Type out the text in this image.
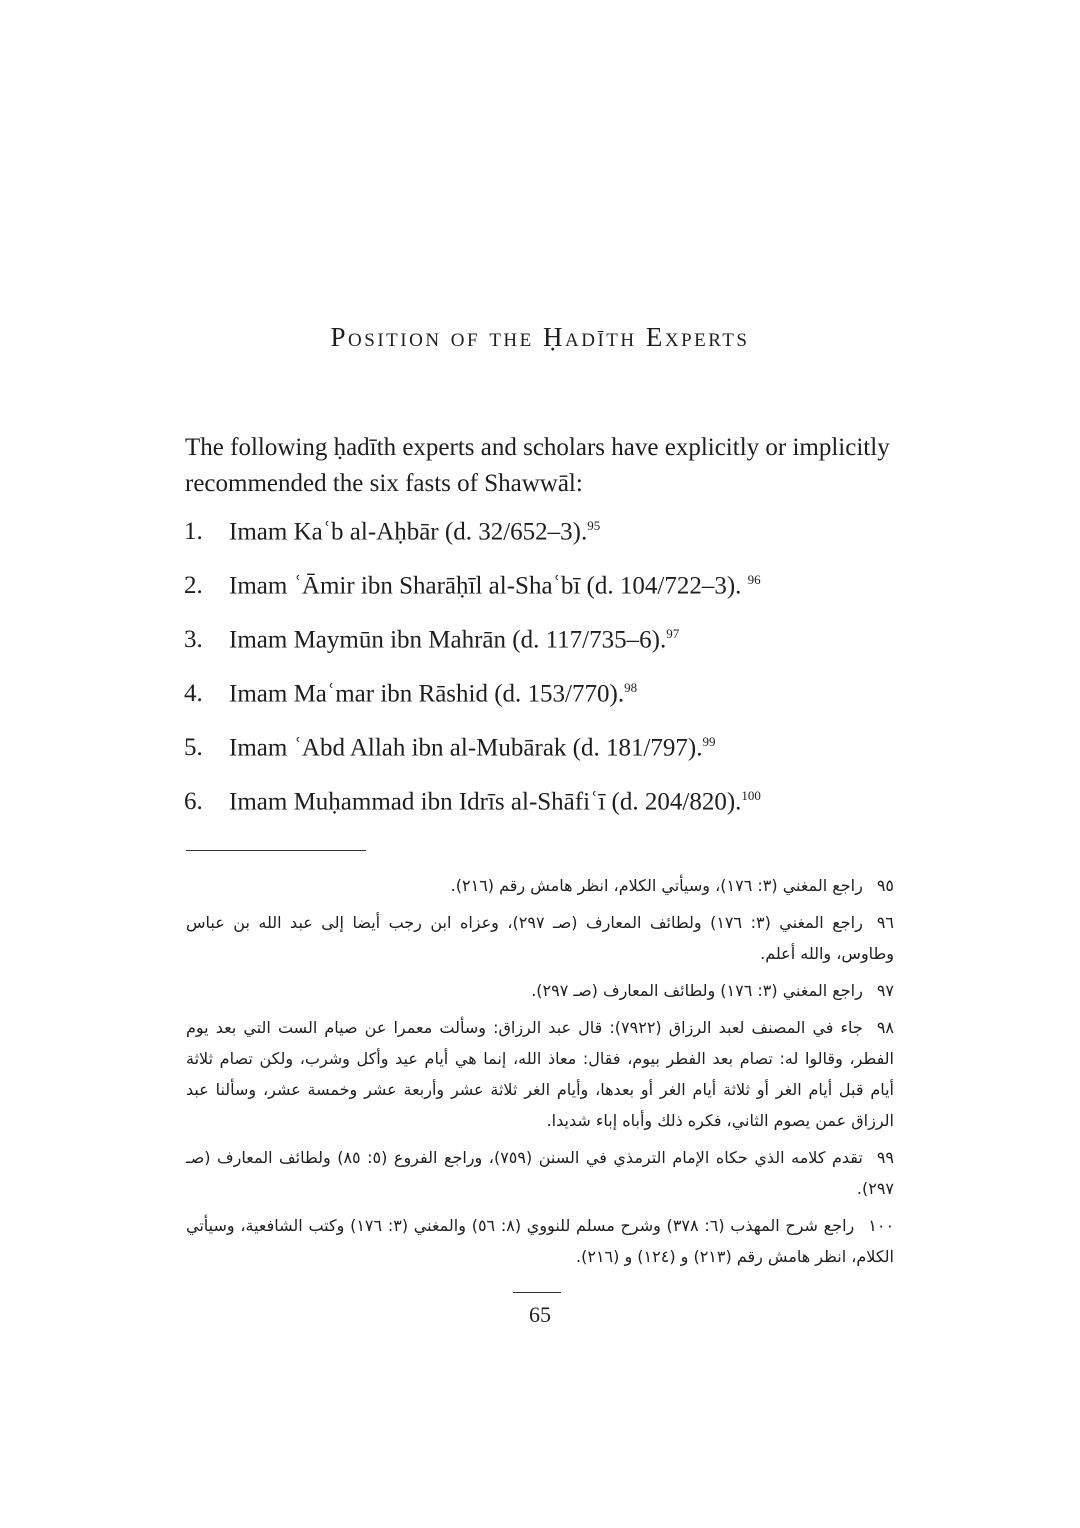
Position of the Ḥadīth Experts

The following ḥadīth experts and scholars have explicitly or implicitly recommended the six fasts of Shawwāl:

1. Imam Kaʿb al-Aḥbār (d. 32/652–3).$^{95}$
2. Imam ʿĀmir ibn Sharāḥīl al-Shaʿbī (d. 104/722–3). $^{96}$
3. Imam Maymūn ibn Mahrān (d. 117/735–6).$^{97}$
4. Imam Maʿmar ibn Rāshid (d. 153/770).$^{98}$
5. Imam ʿAbd Allah ibn al-Mubārak (d. 181/797).$^{99}$
6. Imam Muḥammad ibn Idrīs al-Shāfiʿī (d. 204/820).$^{100}$

٩٥راجع المغني (٣: ١٧٦)، وسيأتي الكلام، انظر هامش رقم (٢١٦).

٩٦راجع المغني (٣: ١٧٦) ولطائف المعارف (صـ ٢٩٧)، وعزاه ابن رجب أيضا إلى عبد الله بن عباس وطاوس، والله أعلم.

٩٧راجع المغني (٣: ١٧٦) ولطائف المعارف (صـ ٢٩٧).

٩٨جاء في المصنف لعبد الرزاق (٧٩٢٢): قال عبد الرزاق: وسألت معمرا عن صيام الست التي بعد يوم الفطر، وقالوا له: تصام بعد الفطر بيوم، فقال: معاذ الله، إنما هي أيام عيد وأكل وشرب، ولكن تصام ثلاثة أيام قبل أيام الغر أو ثلاثة أيام الغر أو بعدها، وأيام الغر ثلاثة عشر وأربعة عشر وخمسة عشر، وسألنا عبد الرزاق عمن يصوم الثاني، فكره ذلك وأباه إباء شديدا.

٩٩تقدم كلامه الذي حكاه الإمام الترمذي في السنن (٧٥٩)، وراجع الفروع (٥: ٨٥) ولطائف المعارف (صـ ٢٩٧).

١٠٠راجع شرح المهذب (٦: ٣٧٨) وشرح مسلم للنووي (٨: ٥٦) والمغني (٣: ١٧٦) وكتب الشافعية، وسيأتي الكلام، انظر هامش رقم (٢١٣) و (١٢٤) و (٢١٦).

65
